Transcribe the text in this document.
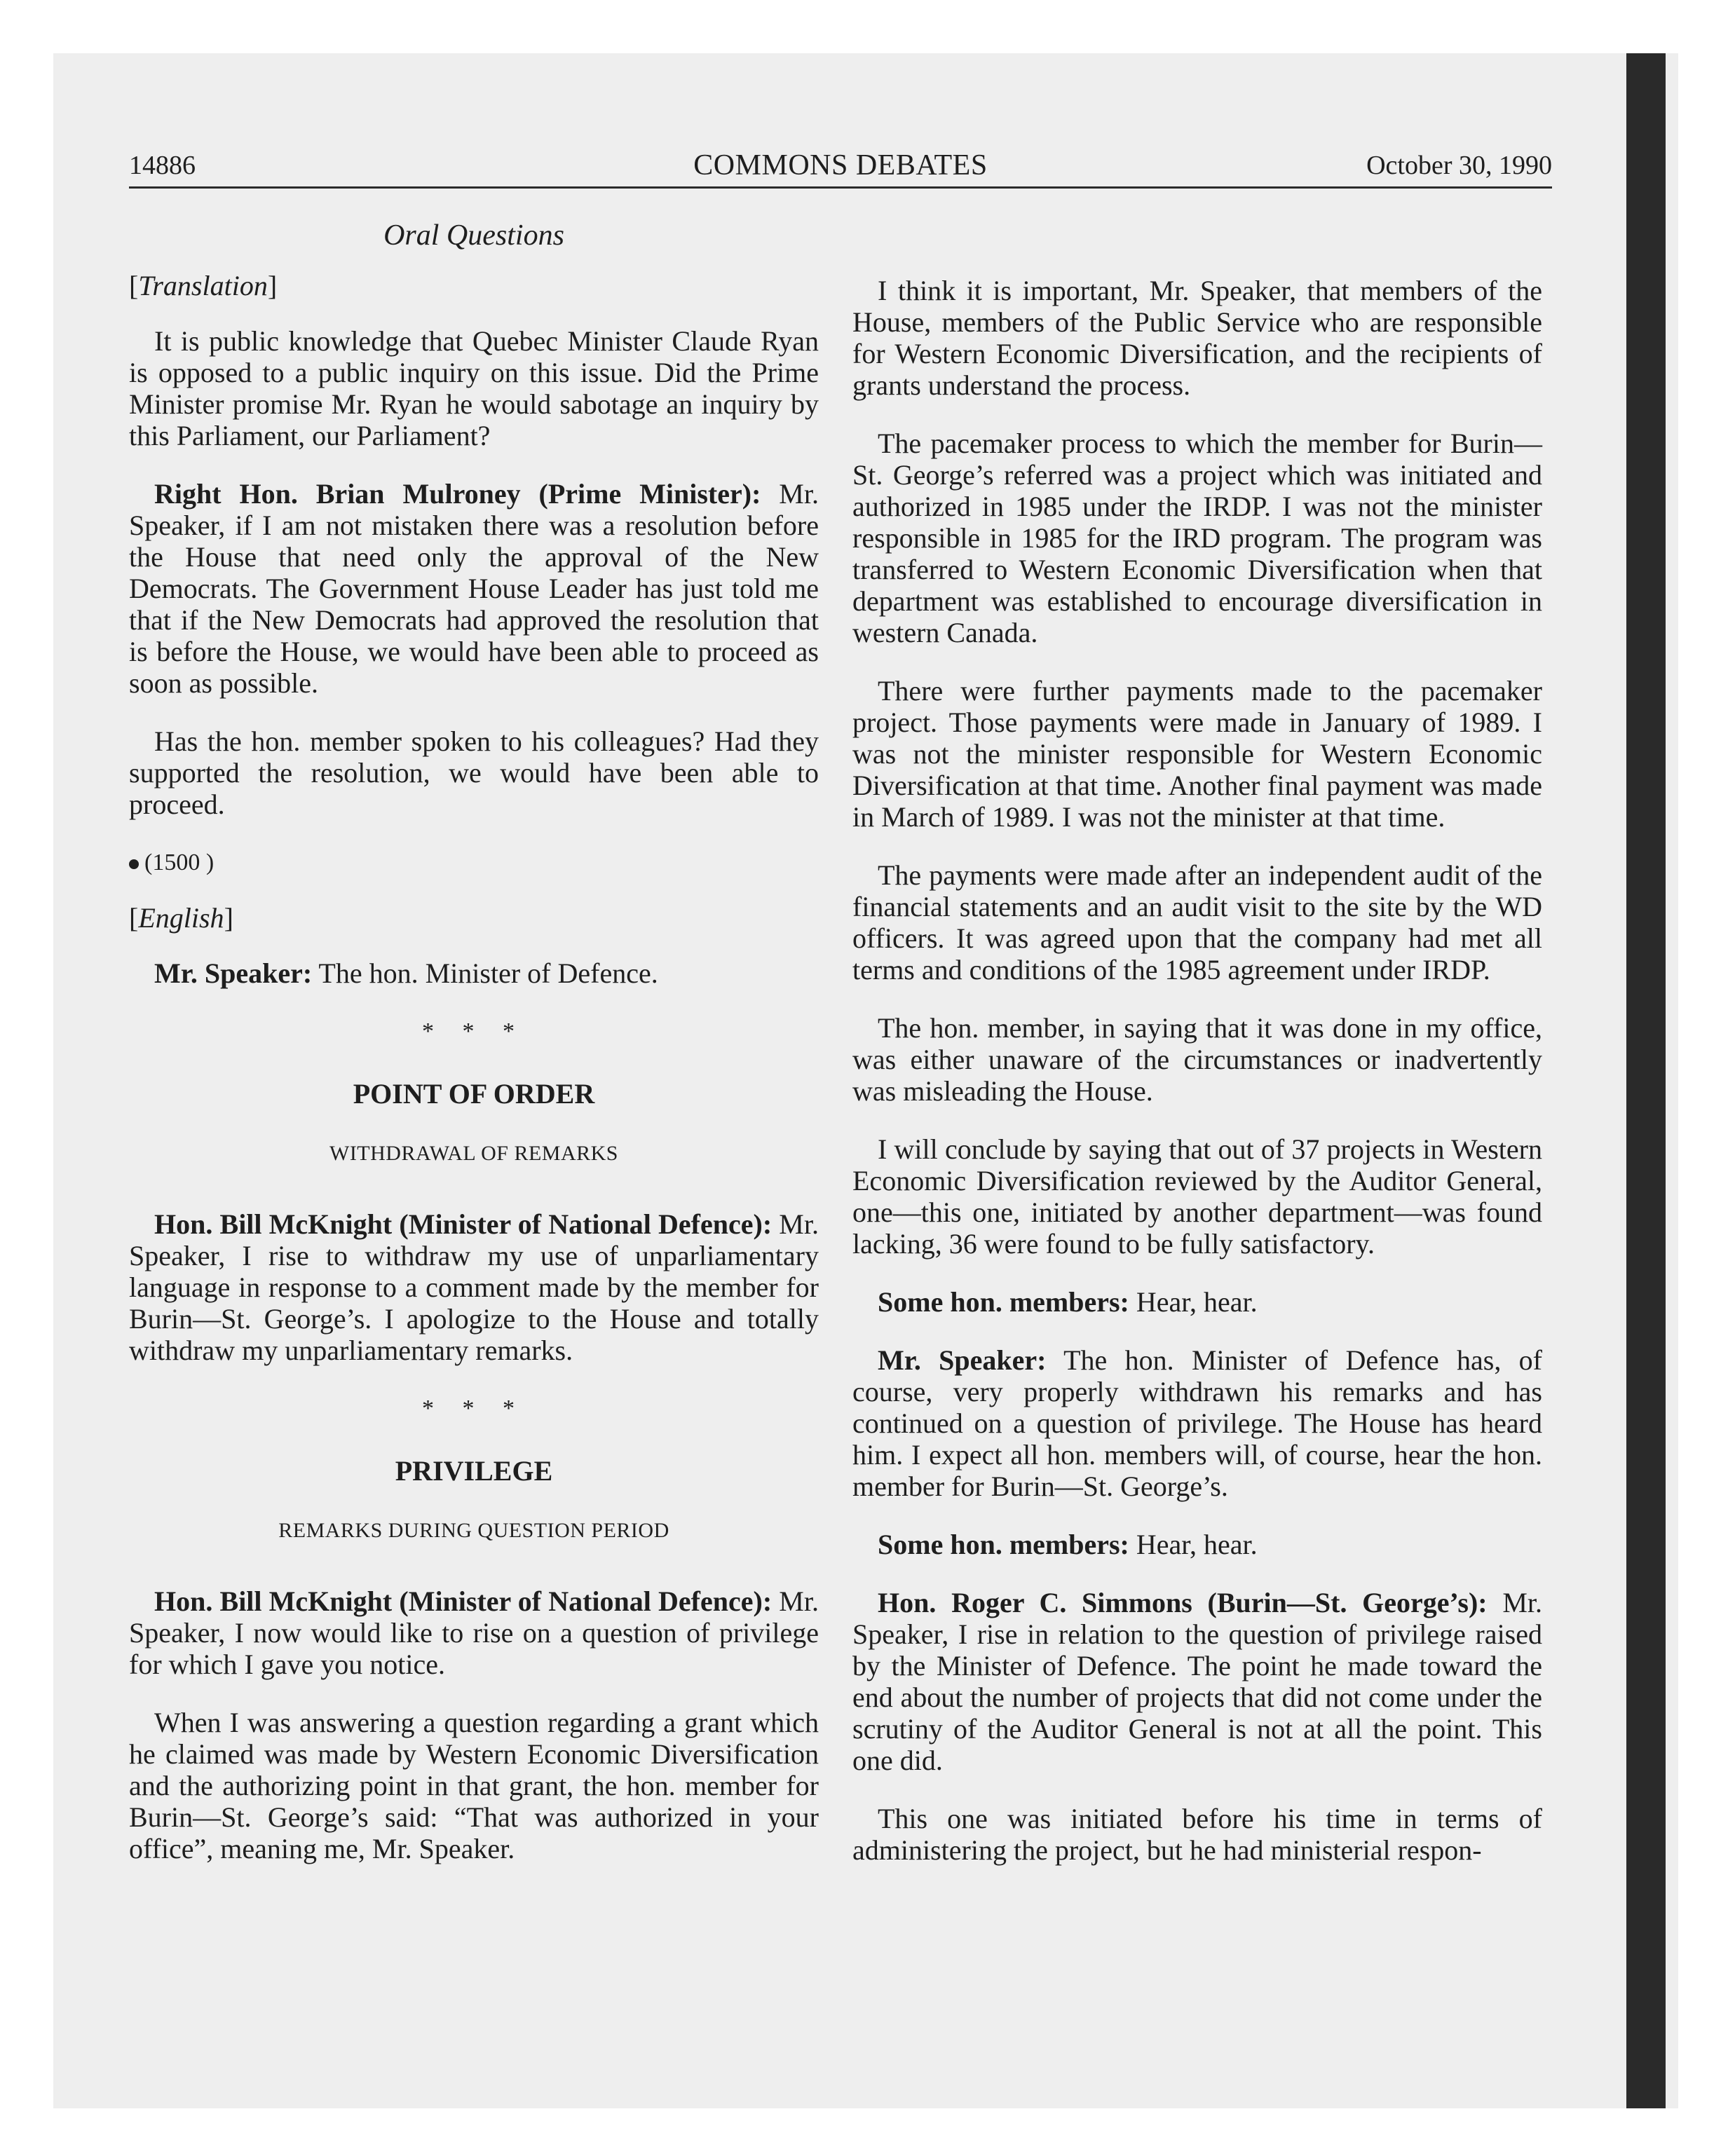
14886	COMMONS DEBATES	October 30, 1990
Oral Questions

[Translation]

It is public knowledge that Quebec Minister Claude Ryan is opposed to a public inquiry on this issue. Did the Prime Minister promise Mr. Ryan he would sabotage an inquiry by this Parliament, our Parliament?

Right Hon. Brian Mulroney (Prime Minister): Mr. Speaker, if I am not mistaken there was a resolution before the House that need only the approval of the New Democrats. The Government House Leader has just told me that if the New Democrats had approved the resolution that is before the House, we would have been able to proceed as soon as possible.

Has the hon. member spoken to his colleagues? Had they supported the resolution, we would have been able to proceed.

(1500 )

[English]

Mr. Speaker: The hon. Minister of Defence.

* * *

POINT OF ORDER

WITHDRAWAL OF REMARKS

Hon. Bill McKnight (Minister of National Defence): Mr. Speaker, I rise to withdraw my use of unparliamentary language in response to a comment made by the member for Burin—St. George’s. I apologize to the House and totally withdraw my unparliamentary remarks.

* * *

PRIVILEGE

REMARKS DURING QUESTION PERIOD

Hon. Bill McKnight (Minister of National Defence): Mr. Speaker, I now would like to rise on a question of privilege for which I gave you notice.

When I was answering a question regarding a grant which he claimed was made by Western Economic Diversification and the authorizing point in that grant, the hon. member for Burin—St. George’s said: “That was authorized in your office”, meaning me, Mr. Speaker.

I think it is important, Mr. Speaker, that members of the House, members of the Public Service who are responsible for Western Economic Diversification, and the recipients of grants understand the process.

The pacemaker process to which the member for Burin—St. George’s referred was a project which was initiated and authorized in 1985 under the IRDP. I was not the minister responsible in 1985 for the IRD program. The program was transferred to Western Economic Diversification when that department was established to encourage diversification in western Canada.

There were further payments made to the pacemaker project. Those payments were made in January of 1989. I was not the minister responsible for Western Economic Diversification at that time. Another final payment was made in March of 1989. I was not the minister at that time.

The payments were made after an independent audit of the financial statements and an audit visit to the site by the WD officers. It was agreed upon that the company had met all terms and conditions of the 1985 agreement under IRDP.

The hon. member, in saying that it was done in my office, was either unaware of the circumstances or inadvertently was misleading the House.

I will conclude by saying that out of 37 projects in Western Economic Diversification reviewed by the Auditor General, one—this one, initiated by another department—was found lacking, 36 were found to be fully satisfactory.

Some hon. members: Hear, hear.

Mr. Speaker: The hon. Minister of Defence has, of course, very properly withdrawn his remarks and has continued on a question of privilege. The House has heard him. I expect all hon. members will, of course, hear the hon. member for Burin—St. George’s.

Some hon. members: Hear, hear.

Hon. Roger C. Simmons (Burin—St. George’s): Mr. Speaker, I rise in relation to the question of privilege raised by the Minister of Defence. The point he made toward the end about the number of projects that did not come under the scrutiny of the Auditor General is not at all the point. This one did.

This one was initiated before his time in terms of administering the project, but he had ministerial respon-
